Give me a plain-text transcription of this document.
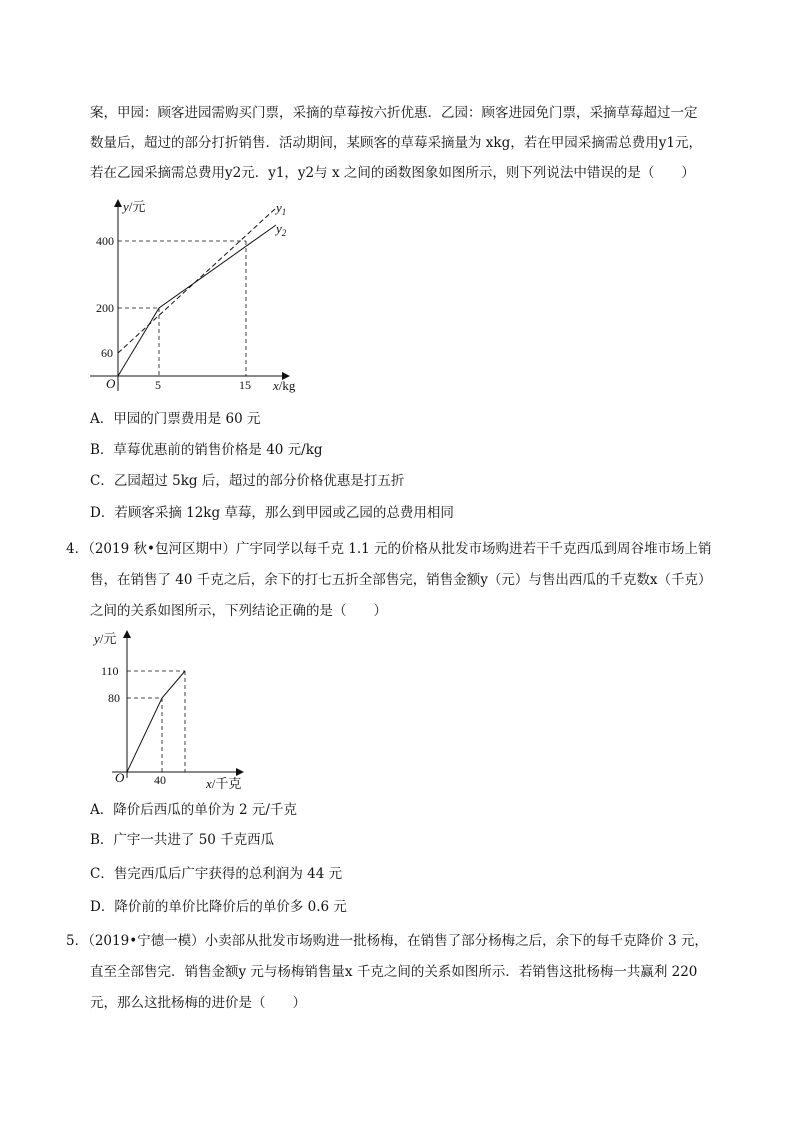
案，甲园：顾客进园需购买门票，采摘的草莓按六折优惠．乙园：顾客进园免门票，采摘草莓超过一定
数量后，超过的部分打折销售．活动期间，某顾客的草莓采摘量为 xkg，若在甲园采摘需总费用y1元，
若在乙园采摘需总费用y2元．y1，y2与 x 之间的函数图象如图所示，则下列说法中错误的是（　　）
y/元
x/kg
O
400
200
60
5	15
$y_1$
$y_2$
A．甲园的门票费用是 60 元
B．草莓优惠前的销售价格是 40 元/kg
C．乙园超过 5kg 后，超过的部分价格优惠是打五折
D．若顾客采摘 12kg 草莓，那么到甲园或乙园的总费用相同
4．（2019 秋•包河区期中）广宇同学以每千克 1.1 元的价格从批发市场购进若干千克西瓜到周谷堆市场上销
售，在销售了 40 千克之后，余下的打七五折全部售完，销售金额y（元）与售出西瓜的千克数x（千克）
之间的关系如图所示，下列结论正确的是（　　）
y/元
x/千克
O
110
80
40
A．降价后西瓜的单价为 2 元/千克
B．广宇一共进了 50 千克西瓜
C．售完西瓜后广宇获得的总利润为 44 元
D．降价前的单价比降价后的单价多 0.6 元
5．（2019•宁德一模）小卖部从批发市场购进一批杨梅，在销售了部分杨梅之后，余下的每千克降价 3 元，
直至全部售完．销售金额y 元与杨梅销售量x 千克之间的关系如图所示．若销售这批杨梅一共赢利 220
元，那么这批杨梅的进价是（　　）
